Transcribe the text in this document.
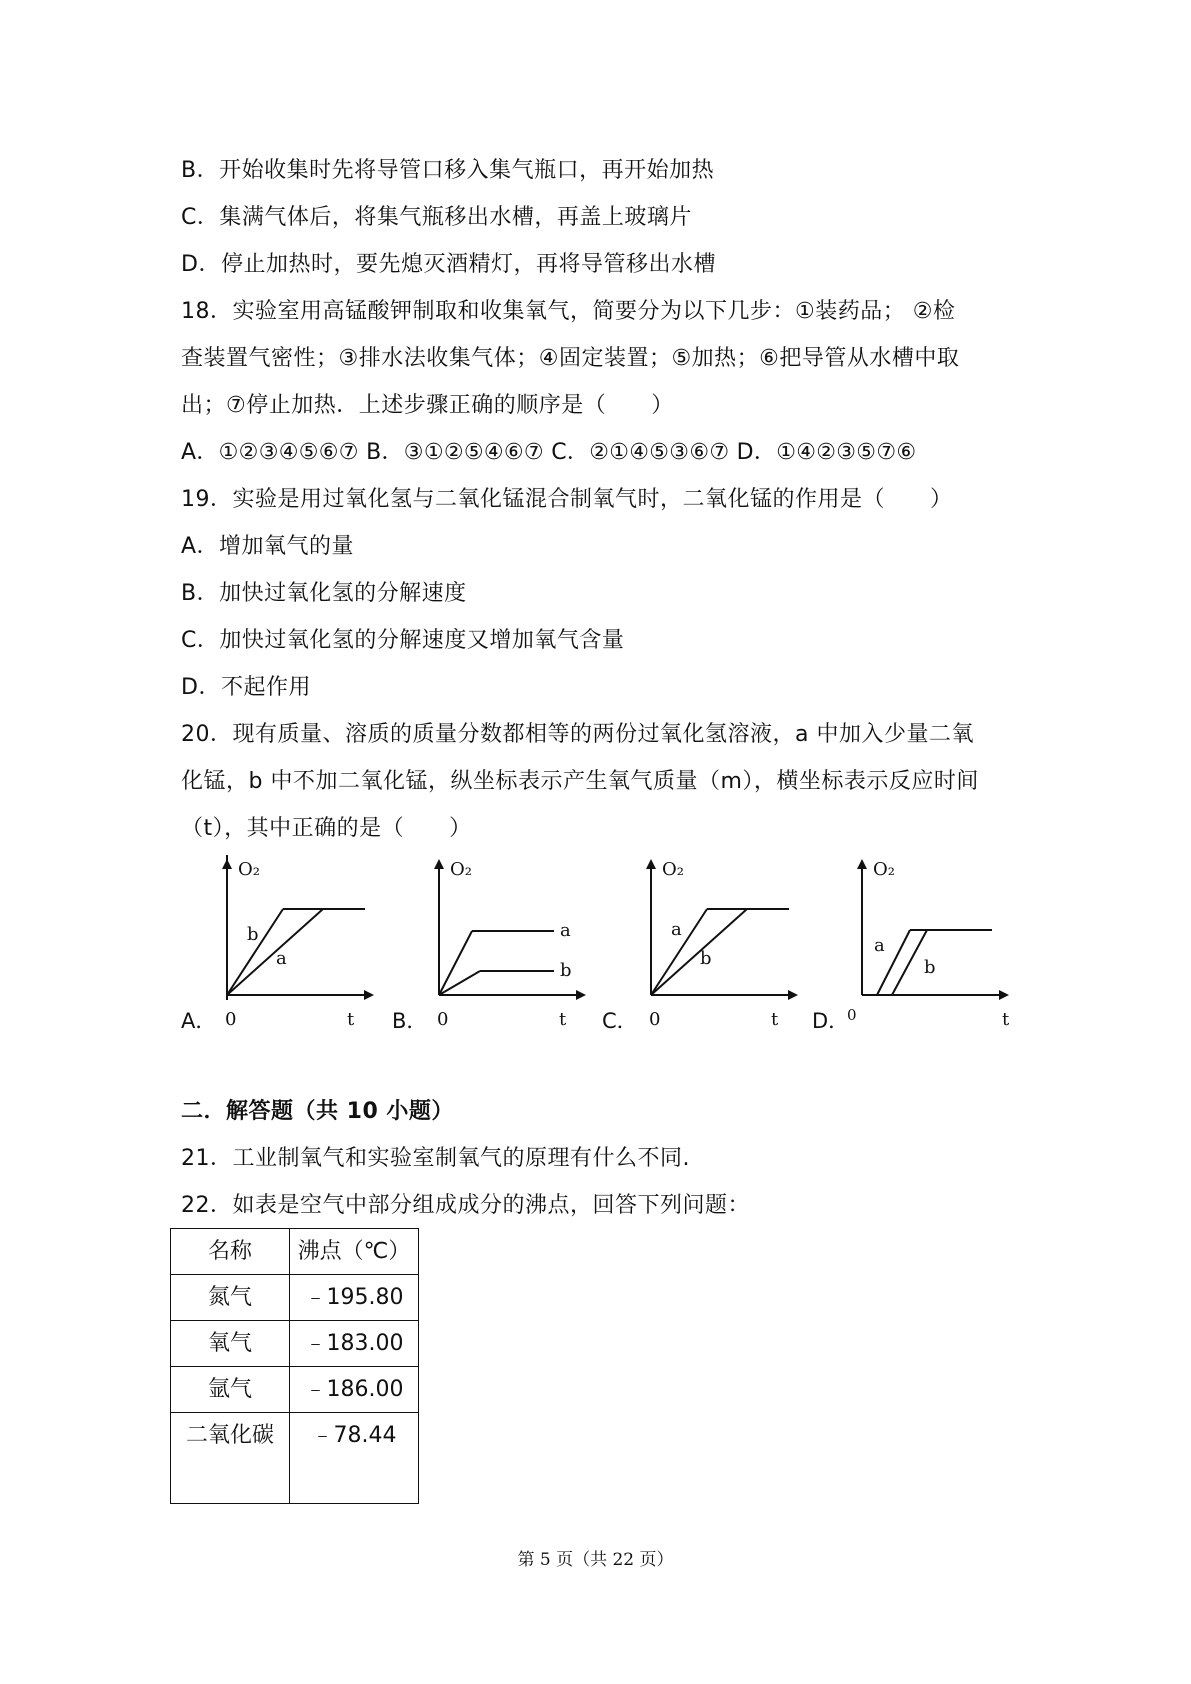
B．开始收集时先将导管口移入集气瓶口，再开始加热
C．集满气体后，将集气瓶移出水槽，再盖上玻璃片
D．停止加热时，要先熄灭酒精灯，再将导管移出水槽
18．实验室用高锰酸钾制取和收集氧气，简要分为以下几步：①装药品； ②检
查装置气密性；③排水法收集气体；④固定装置；⑤加热；⑥把导管从水槽中取
出；⑦停止加热．上述步骤正确的顺序是（　　）
A．①②③④⑤⑥⑦ B．③①②⑤④⑥⑦ C．②①④⑤③⑥⑦ D．①④②③⑤⑦⑥
19．实验是用过氧化氢与二氧化锰混合制氧气时，二氧化锰的作用是（　　）
A．增加氧气的量
B．加快过氧化氢的分解速度
C．加快过氧化氢的分解速度又增加氧气含量
D．不起作用
20．现有质量、溶质的质量分数都相等的两份过氧化氢溶液，a 中加入少量二氧
化锰，b 中不加二氧化锰，纵坐标表示产生氧气质量（m），横坐标表示反应时间
（t），其中正确的是（　　）
A．	B．	C．	D．
O₂
b
a
0	t
O₂
a
b
0	t
O₂
a
b
0	t
O₂
a
b
0	t
二．解答题（共 10 小题）
21．工业制氧气和实验室制氧气的原理有什么不同.
22．如表是空气中部分组成成分的沸点，回答下列问题：
名称	沸点（℃）
氮气	﹣195.80
氧气	﹣183.00
氩气	﹣186.00
二氧化碳	﹣78.44
第 5 页（共 22 页）
